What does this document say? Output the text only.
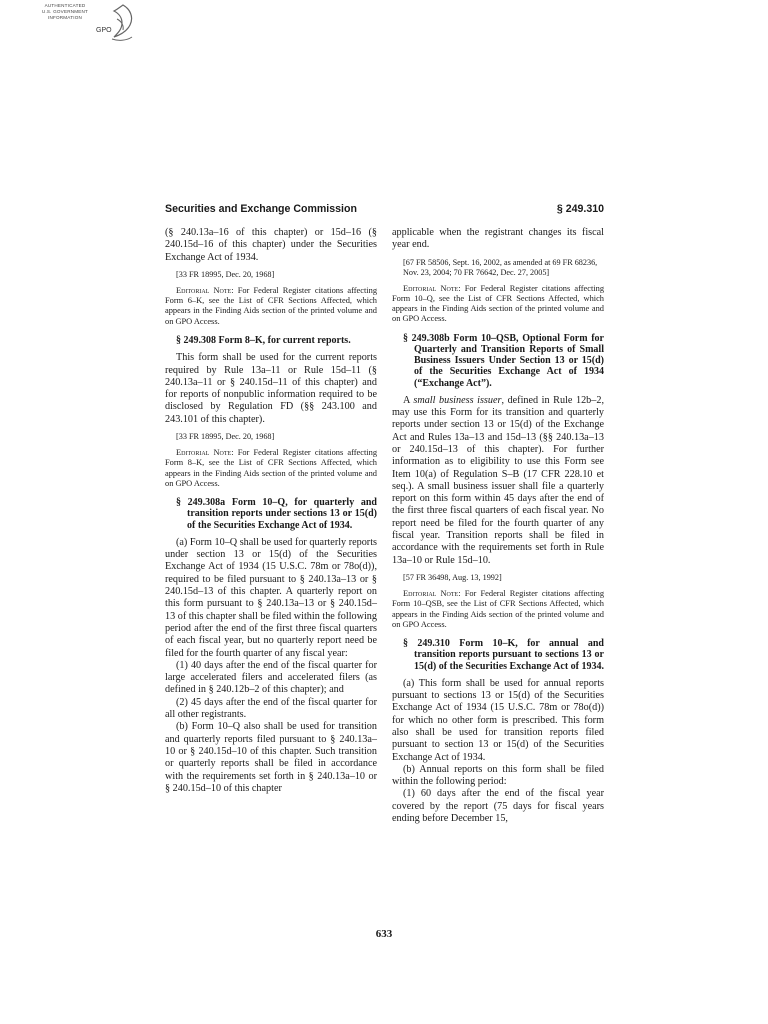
AUTHENTICATED
U.S. GOVERNMENT
INFORMATION
GPO
Securities and Exchange Commission	§ 249.310

(§ 240.13a–16 of this chapter) or 15d–16 (§ 240.15d–16 of this chapter) under the Securities Exchange Act of 1934.

[33 FR 18995, Dec. 20, 1968]

Editorial Note: For Federal Register citations affecting Form 6–K, see the List of CFR Sections Affected, which appears in the Finding Aids section of the printed volume and on GPO Access.

§ 249.308 Form 8–K, for current reports.

This form shall be used for the current reports required by Rule 13a–11 or Rule 15d–11 (§ 240.13a–11 or § 240.15d–11 of this chapter) and for reports of nonpublic information required to be disclosed by Regulation FD (§§ 243.100 and 243.101 of this chapter).

[33 FR 18995, Dec. 20, 1968]

Editorial Note: For Federal Register citations affecting Form 8–K, see the List of CFR Sections Affected, which appears in the Finding Aids section of the printed volume and on GPO Access.

§ 249.308a Form 10–Q, for quarterly and transition reports under sections 13 or 15(d) of the Securities Exchange Act of 1934.

(a) Form 10–Q shall be used for quarterly reports under section 13 or 15(d) of the Securities Exchange Act of 1934 (15 U.S.C. 78m or 78o(d)), required to be filed pursuant to § 240.13a–13 or § 240.15d–13 of this chapter. A quarterly report on this form pursuant to § 240.13a–13 or § 240.15d–13 of this chapter shall be filed within the following period after the end of the first three fiscal quarters of each fiscal year, but no quarterly report need be filed for the fourth quarter of any fiscal year:

(1) 40 days after the end of the fiscal quarter for large accelerated filers and accelerated filers (as defined in § 240.12b–2 of this chapter); and

(2) 45 days after the end of the fiscal quarter for all other registrants.

(b) Form 10–Q also shall be used for transition and quarterly reports filed pursuant to § 240.13a–10 or § 240.15d–10 of this chapter. Such transition or quarterly reports shall be filed in accordance with the requirements set forth in § 240.13a–10 or § 240.15d–10 of this chapter

applicable when the registrant changes its fiscal year end.

[67 FR 58506, Sept. 16, 2002, as amended at 69 FR 68236, Nov. 23, 2004; 70 FR 76642, Dec. 27, 2005]

Editorial Note: For Federal Register citations affecting Form 10–Q, see the List of CFR Sections Affected, which appears in the Finding Aids section of the printed volume and on GPO Access.

§ 249.308b Form 10–QSB, Optional Form for Quarterly and Transition Reports of Small Business Issuers Under Section 13 or 15(d) of the Securities Exchange Act of 1934 (“Exchange Act”).

A small business issuer, defined in Rule 12b–2, may use this Form for its transition and quarterly reports under section 13 or 15(d) of the Exchange Act and Rules 13a–13 and 15d–13 (§§ 240.13a–13 or 240.15d–13 of this chapter). For further information as to eligibility to use this Form see Item 10(a) of Regulation S–B (17 CFR 228.10 et seq.). A small business issuer shall file a quarterly report on this form within 45 days after the end of the first three fiscal quarters of each fiscal year. No report need be filed for the fourth quarter of any fiscal year. Transition reports shall be filed in accordance with the requirements set forth in Rule 13a–10 or Rule 15d–10.

[57 FR 36498, Aug. 13, 1992]

Editorial Note: For Federal Register citations affecting Form 10–QSB, see the List of CFR Sections Affected, which appears in the Finding Aids section of the printed volume and on GPO Access.

§ 249.310 Form 10–K, for annual and transition reports pursuant to sections 13 or 15(d) of the Securities Exchange Act of 1934.

(a) This form shall be used for annual reports pursuant to sections 13 or 15(d) of the Securities Exchange Act of 1934 (15 U.S.C. 78m or 78o(d)) for which no other form is prescribed. This form also shall be used for transition reports filed pursuant to section 13 or 15(d) of the Securities Exchange Act of 1934.

(b) Annual reports on this form shall be filed within the following period:

(1) 60 days after the end of the fiscal year covered by the report (75 days for fiscal years ending before December 15,

633
